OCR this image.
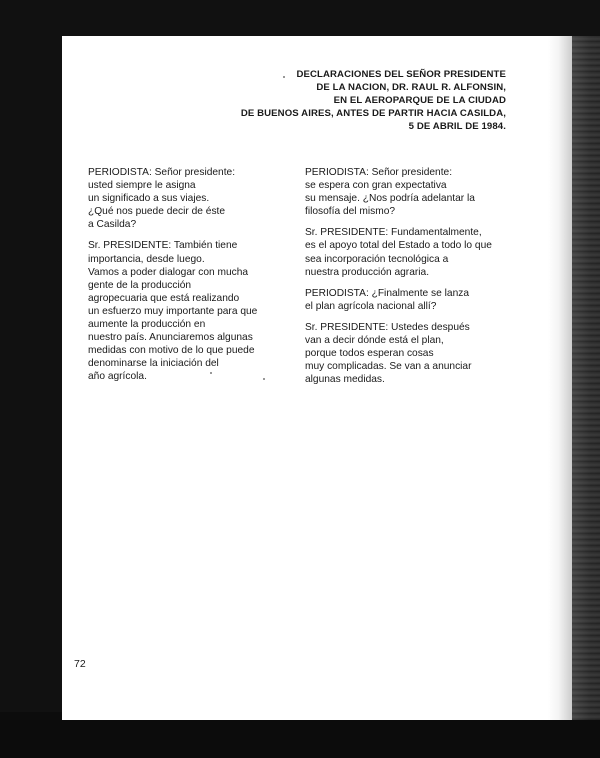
DECLARACIONES DEL SEÑOR PRESIDENTE
DE LA NACION, DR. RAUL R. ALFONSIN,
EN EL AEROPARQUE DE LA CIUDAD
DE BUENOS AIRES, ANTES DE PARTIR HACIA CASILDA,
5 DE ABRIL DE 1984.
PERIODISTA: Señor presidente:
usted siempre le asigna
un significado a sus viajes.
¿Qué nos puede decir de éste
a Casilda?
Sr. PRESIDENTE: También tiene
importancia, desde luego.
Vamos a poder dialogar con mucha
gente de la producción
agropecuaria que está realizando
un esfuerzo muy importante para que
aumente la producción en
nuestro país. Anunciaremos algunas
medidas con motivo de lo que puede
denominarse la iniciación del
año agrícola.
PERIODISTA: Señor presidente:
se espera con gran expectativa
su mensaje. ¿Nos podría adelantar la
filosofía del mismo?
Sr. PRESIDENTE: Fundamentalmente,
es el apoyo total del Estado a todo lo que
sea incorporación tecnológica a
nuestra producción agraria.
PERIODISTA: ¿Finalmente se lanza
el plan agrícola nacional allí?
Sr. PRESIDENTE: Ustedes después
van a decir dónde está el plan,
porque todos esperan cosas
muy complicadas. Se van a anunciar
algunas medidas.
72
